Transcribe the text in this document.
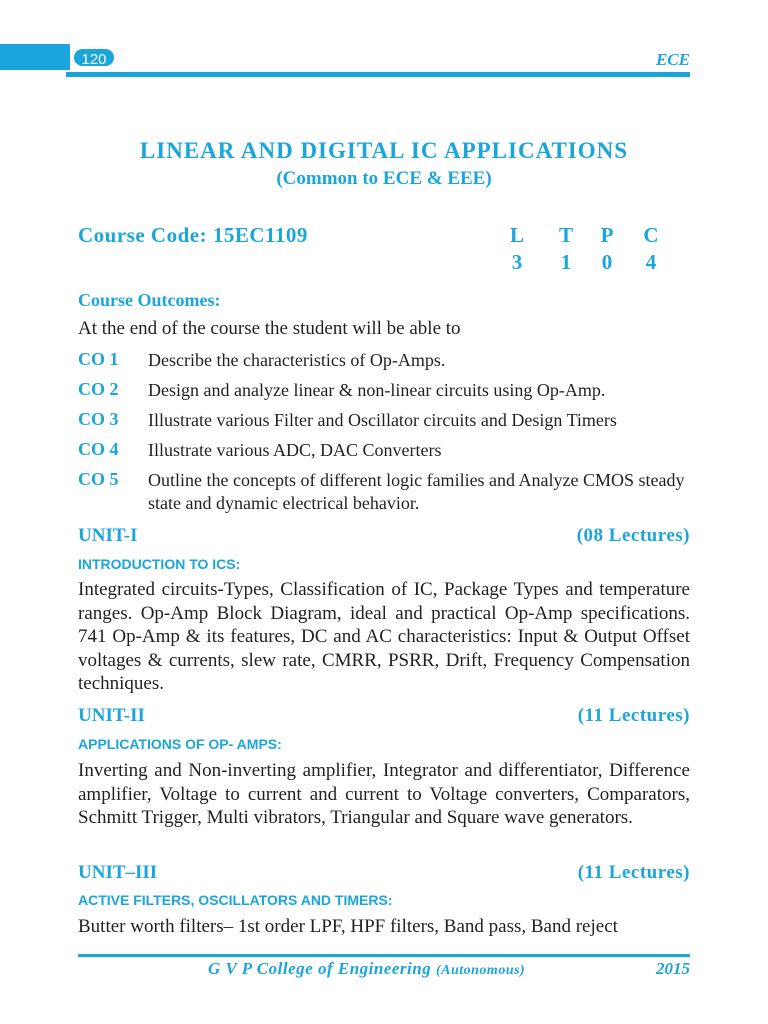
120	ECE
LINEAR AND DIGITAL IC APPLICATIONS
(Common to ECE & EEE)
Course Code: 15EC1109	L T P C
3 1 0 4
Course Outcomes:
At the end of the course the student will be able to
CO 1 Describe the characteristics of Op-Amps.
CO 2 Design and analyze linear & non-linear circuits using Op-Amp.
CO 3 Illustrate various Filter and Oscillator circuits and Design Timers
CO 4 Illustrate various ADC, DAC Converters
CO 5 Outline the concepts of different logic families and Analyze CMOS steady state and dynamic electrical behavior.
UNIT-I	(08 Lectures)
INTRODUCTION TO ICS:
Integrated circuits-Types, Classification of IC, Package Types and temperature ranges. Op-Amp Block Diagram, ideal and practical Op-Amp specifications. 741 Op-Amp & its features, DC and AC characteristics: Input & Output Offset voltages & currents, slew rate, CMRR, PSRR, Drift, Frequency Compensation techniques.
UNIT-II	(11 Lectures)
APPLICATIONS OF OP- AMPS:
Inverting and Non-inverting amplifier, Integrator and differentiator, Difference amplifier, Voltage to current and current to Voltage converters, Comparators, Schmitt Trigger, Multi vibrators, Triangular and Square wave generators.
UNIT–III	(11 Lectures)
ACTIVE FILTERS, OSCILLATORS AND TIMERS:
Butter worth filters– 1st order LPF, HPF filters, Band pass, Band reject
G V P College of Engineering (Autonomous)	2015
